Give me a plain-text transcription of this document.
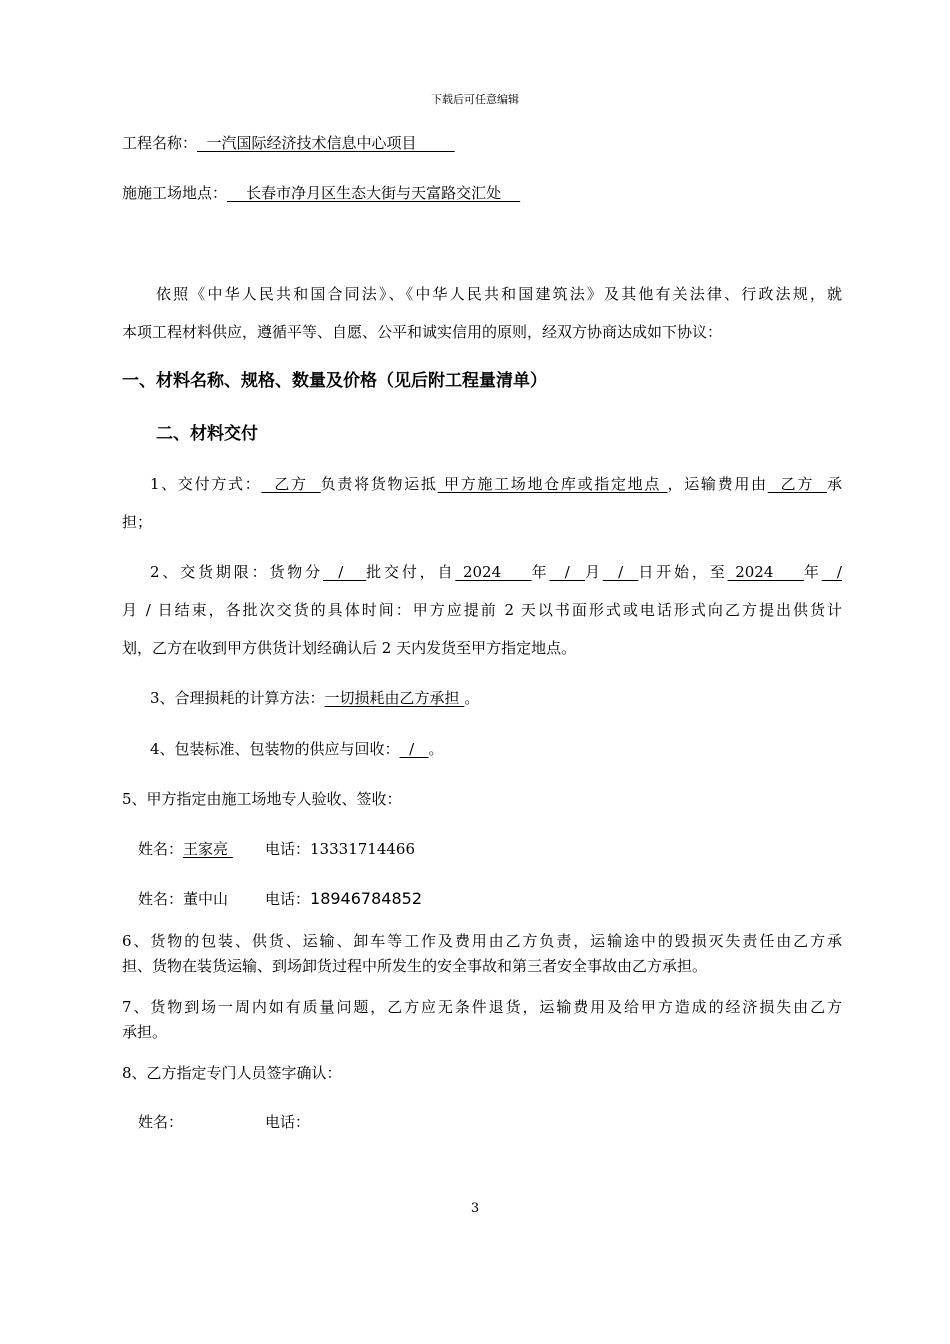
下载后可任意编辑
工程名称：  一汽国际经济技术信息中心项目
施施工场地点：    长春市净月区生态大街与天富路交汇处
依照《中华人民共和国合同法》、《中华人民共和国建筑法》及其他有关法律、行政法规，就
本项工程材料供应，遵循平等、自愿、公平和诚实信用的原则，经双方协商达成如下协议：
一、材料名称、规格、数量及价格（见后附工程量清单）
二、材料交付
1、交付方式：  乙方  负责将货物运抵 甲方施工场地仓库或指定地点 ，运输费用由  乙方  承
担；
2、交货期限：货物分  /   批交付，自 2024    年  /  月  /  日开始，至 2024    年  /
月 / 日结束，各批次交货的具体时间：甲方应提前 2 天以书面形式或电话形式向乙方提出供货计
划，乙方在收到甲方供货计划经确认后 2 天内发货至甲方指定地点。
3、合理损耗的计算方法：一切损耗由乙方承担 。
4、包装标准、包装物的供应与回收：  /   。
5、甲方指定由施工场地专人验收、签收：
姓名：王家亮 电话：13331714466
姓名：董中山 电话：18946784852
6、货物的包装、供货、运输、卸车等工作及费用由乙方负责，运输途中的毁损灭失责任由乙方承
担、货物在装货运输、到场卸货过程中所发生的安全事故和第三者安全事故由乙方承担。
7、货物到场一周内如有质量问题，乙方应无条件退货，运输费用及给甲方造成的经济损失由乙方
承担。
8、乙方指定专门人员签字确认：
姓名：	电话：
3
